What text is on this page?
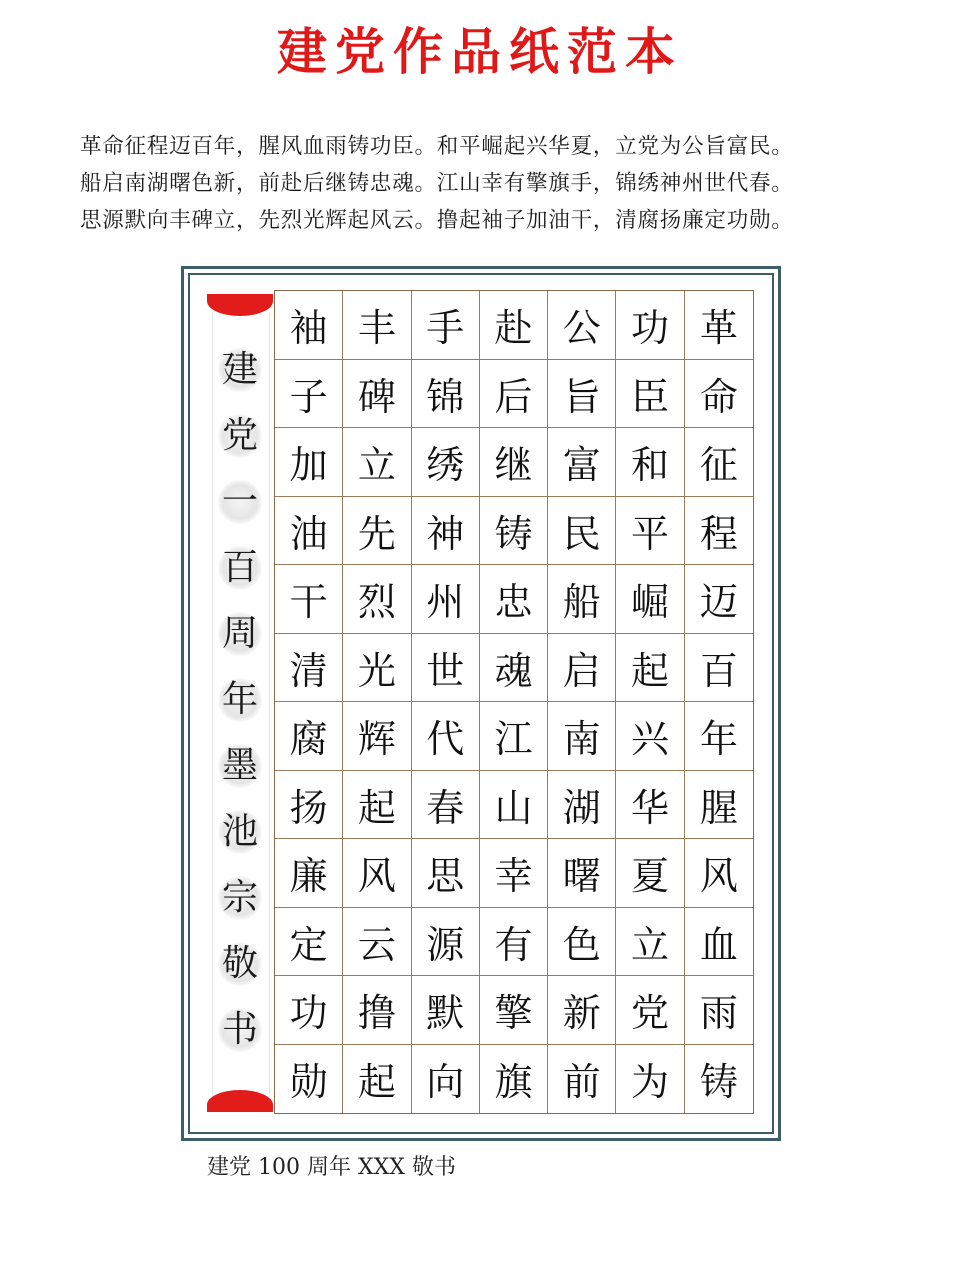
建党作品纸范本
革命征程迈百年，腥风血雨铸功臣。和平崛起兴华夏，立党为公旨富民。
船启南湖曙色新，前赴后继铸忠魂。江山幸有擎旗手，锦绣神州世代春。
思源默向丰碑立，先烈光辉起风云。撸起袖子加油干，清腐扬廉定功勋。
建
党
一
百
周
年
墨
池
宗
敬
书
袖 丰 手 赴 公 功 革
子 碑 锦 后 旨 臣 命
加 立 绣 继 富 和 征
油 先 神 铸 民 平 程
干 烈 州 忠 船 崛 迈
清 光 世 魂 启 起 百
腐 辉 代 江 南 兴 年
扬 起 春 山 湖 华 腥
廉 风 思 幸 曙 夏 风
定 云 源 有 色 立 血
功 撸 默 擎 新 党 雨
勋 起 向 旗 前 为 铸
建党 100 周年 XXX 敬书
